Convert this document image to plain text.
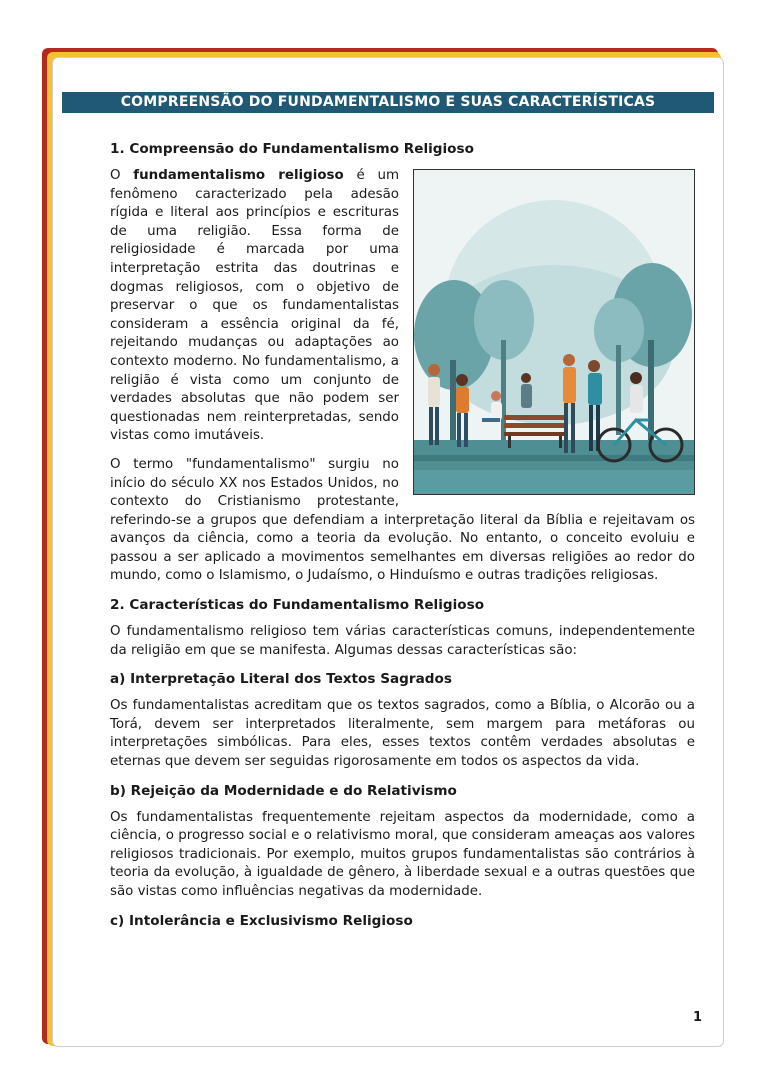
COMPREENSÃO DO FUNDAMENTALISMO E SUAS CARACTERÍSTICAS
1. Compreensão do Fundamentalismo Religioso

O fundamentalismo religioso é um fenômeno caracterizado pela adesão rígida e literal aos princípios e escrituras de uma religião. Essa forma de religiosidade é marcada por uma interpretação estrita das doutrinas e dogmas religiosos, com o objetivo de preservar o que os fundamentalistas consideram a essência original da fé, rejeitando mudanças ou adaptações ao contexto moderno. No fundamentalismo, a religião é vista como um conjunto de verdades absolutas que não podem ser questionadas nem reinterpretadas, sendo vistas como imutáveis.

O termo "fundamentalismo" surgiu no início do século XX nos Estados Unidos, no contexto do Cristianismo protestante, referindo-se a grupos que defendiam a interpretação literal da Bíblia e rejeitavam os avanços da ciência, como a teoria da evolução. No entanto, o conceito evoluiu e passou a ser aplicado a movimentos semelhantes em diversas religiões ao redor do mundo, como o Islamismo, o Judaísmo, o Hinduísmo e outras tradições religiosas.

2. Características do Fundamentalismo Religioso

O fundamentalismo religioso tem várias características comuns, independentemente da religião em que se manifesta. Algumas dessas características são:

a) Interpretação Literal dos Textos Sagrados

Os fundamentalistas acreditam que os textos sagrados, como a Bíblia, o Alcorão ou a Torá, devem ser interpretados literalmente, sem margem para metáforas ou interpretações simbólicas. Para eles, esses textos contêm verdades absolutas e eternas que devem ser seguidas rigorosamente em todos os aspectos da vida.

b) Rejeição da Modernidade e do Relativismo

Os fundamentalistas frequentemente rejeitam aspectos da modernidade, como a ciência, o progresso social e o relativismo moral, que consideram ameaças aos valores religiosos tradicionais. Por exemplo, muitos grupos fundamentalistas são contrários à teoria da evolução, à igualdade de gênero, à liberdade sexual e a outras questões que são vistas como influências negativas da modernidade.

c) Intolerância e Exclusivismo Religioso
1
